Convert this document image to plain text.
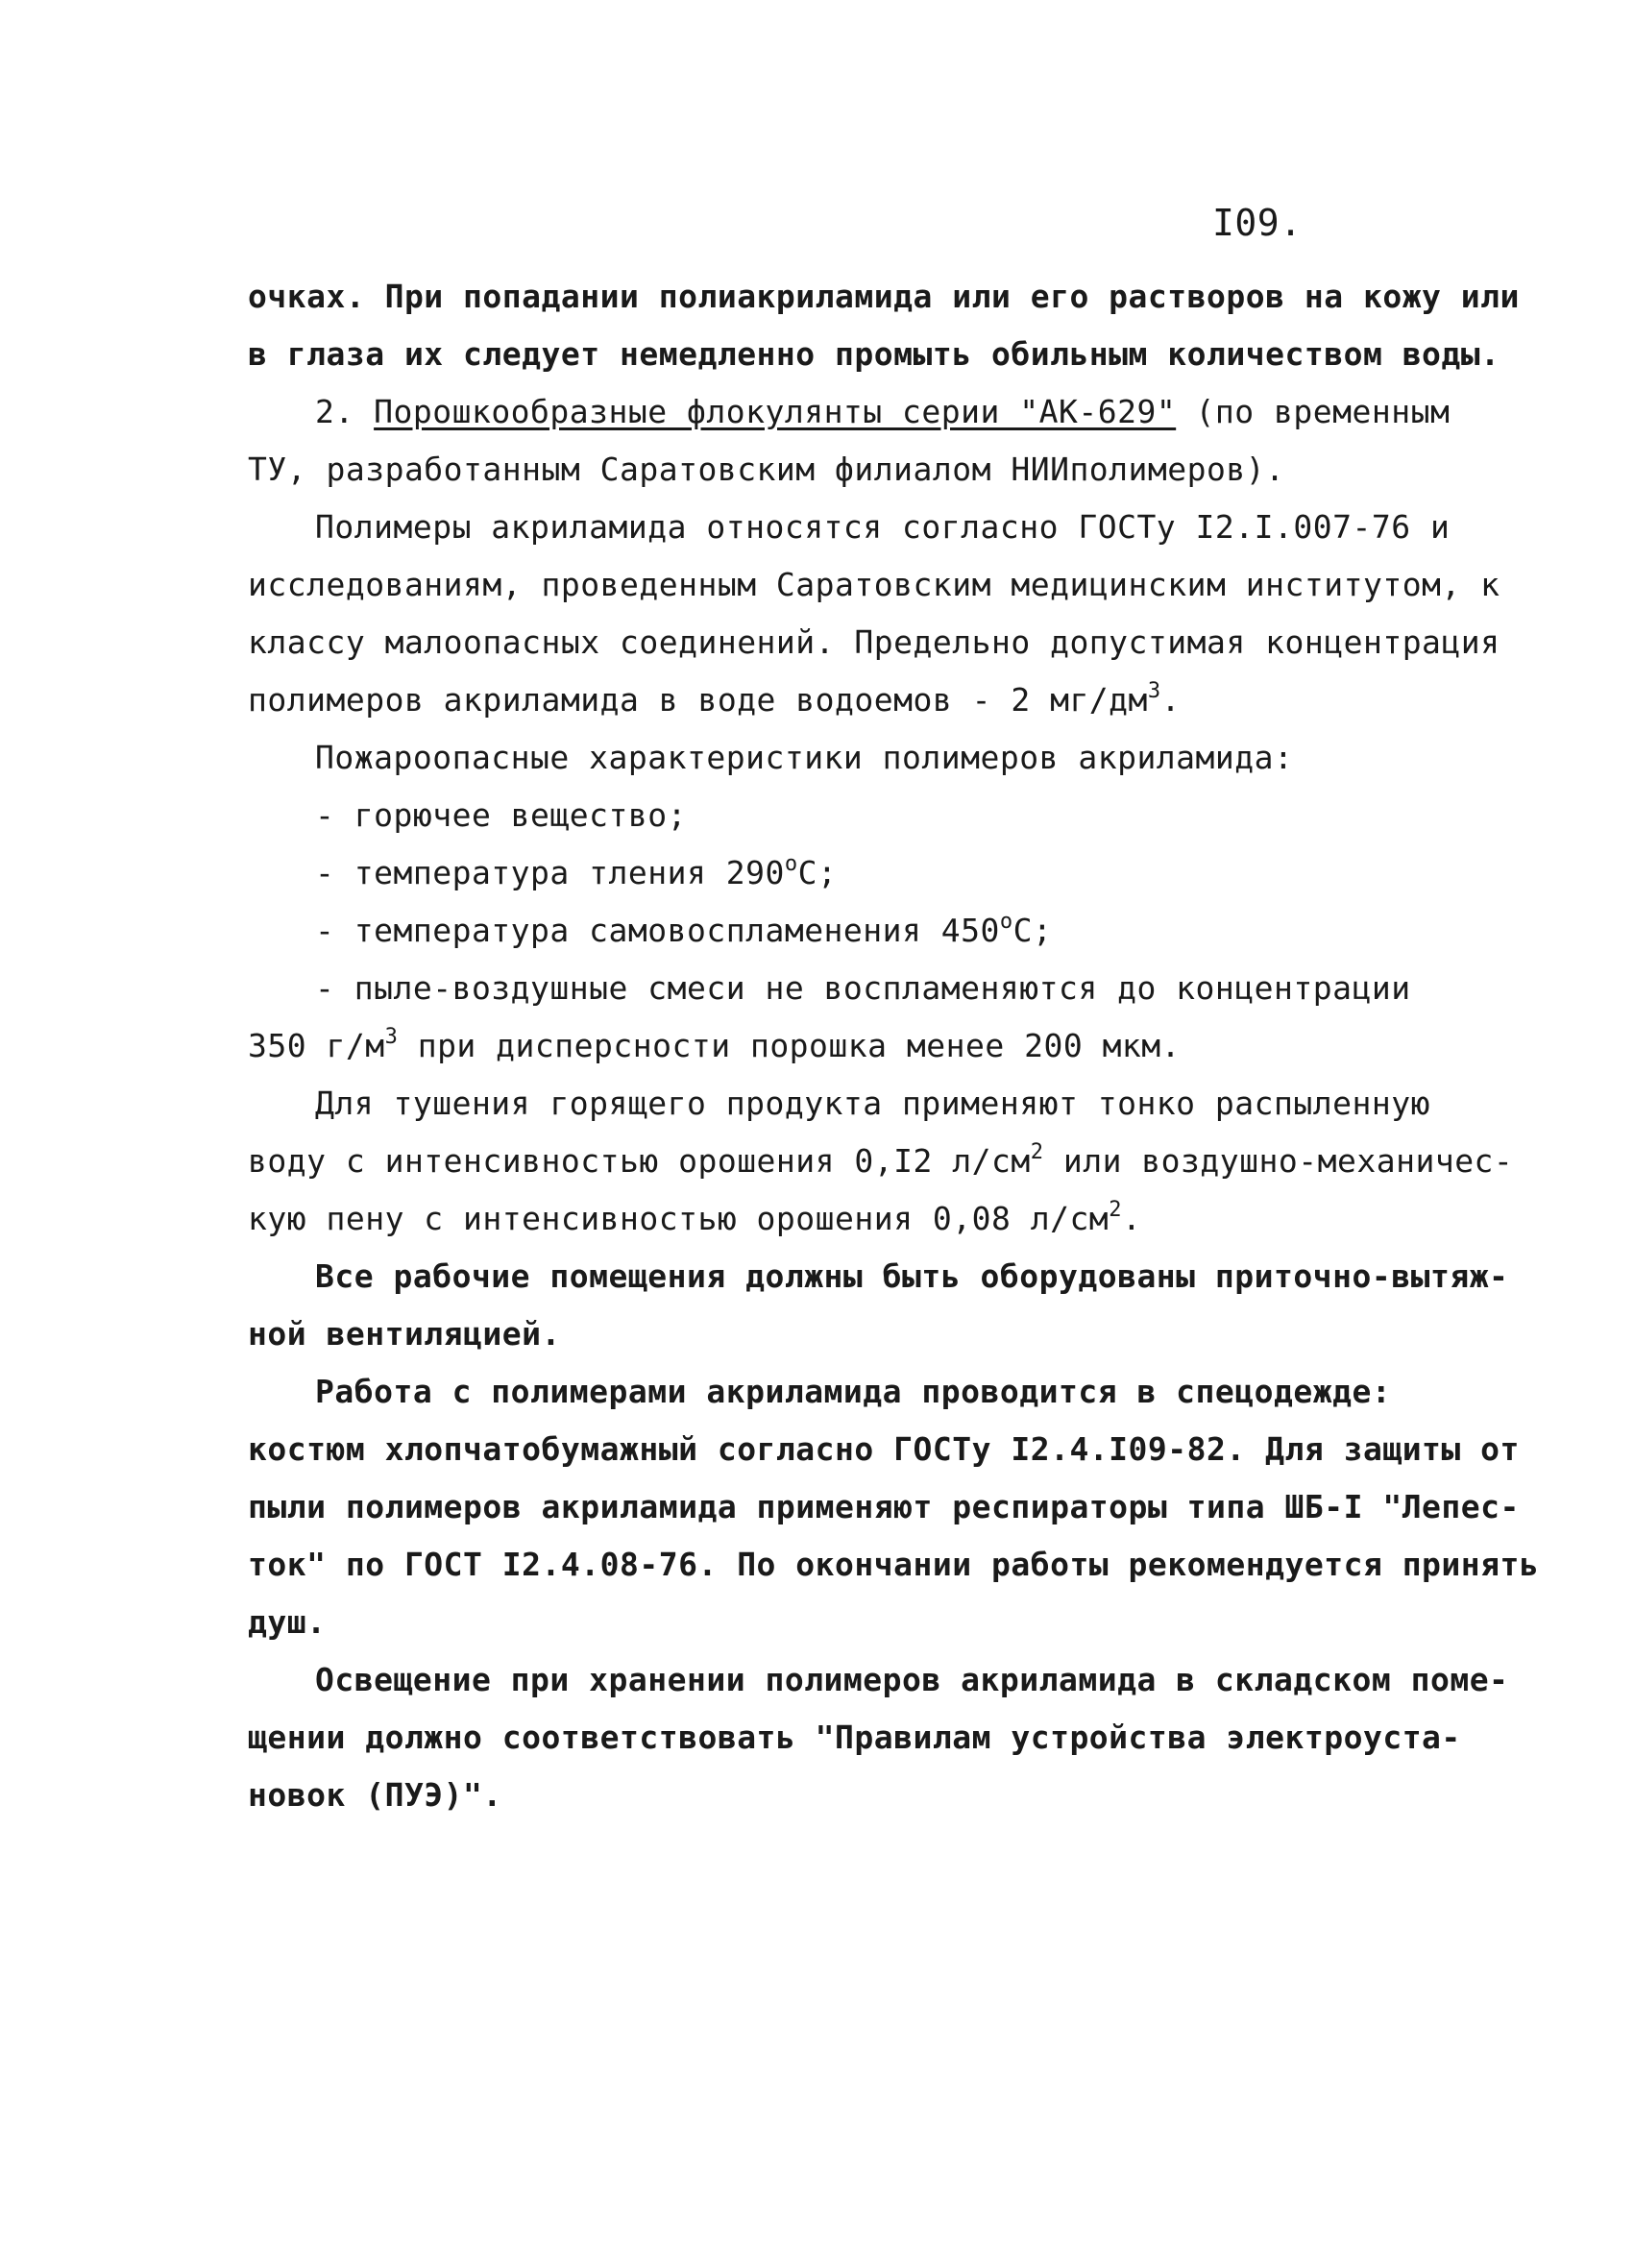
I09.
очках. При попадании полиакриламида или его растворов на кожу или
в глаза их следует немедленно промыть обильным количеством воды.
2. Порошкообразные флокулянты серии "АК-629" (по временным
ТУ, разработанным Саратовским филиалом НИИполимеров).
Полимеры акриламида относятся согласно ГОСТу I2.I.007-76 и
исследованиям, проведенным Саратовским медицинским институтом, к
классу малоопасных соединений. Предельно допустимая концентрация
полимеров акриламида в воде водоемов - 2 $мг/дм^3$.
Пожароопасные характеристики полимеров акриламида:
- горючее вещество;
- температура тления $290^оС$;
- температура самовоспламенения $450^оС$;
- пыле-воздушные смеси не воспламеняются до концентрации
350 $г/м^3$ при дисперсности порошка менее 200 мкм.
Для тушения горящего продукта применяют тонко распыленную
воду с интенсивностью орошения 0,I2 $л/см^2$ или воздушно-механичес-
кую пену с интенсивностью орошения 0,08 $л/см^2$.
Все рабочие помещения должны быть оборудованы приточно-вытяж-
ной вентиляцией.
Работа с полимерами акриламида проводится в спецодежде:
костюм хлопчатобумажный согласно ГОСТу I2.4.I09-82. Для защиты от
пыли полимеров акриламида применяют респираторы типа ШБ-I "Лепес-
ток" по ГОСТ I2.4.08-76. По окончании работы рекомендуется принять
душ.
Освещение при хранении полимеров акриламида в складском поме-
щении должно соответствовать "Правилам устройства электроуста-
новок (ПУЭ)".
